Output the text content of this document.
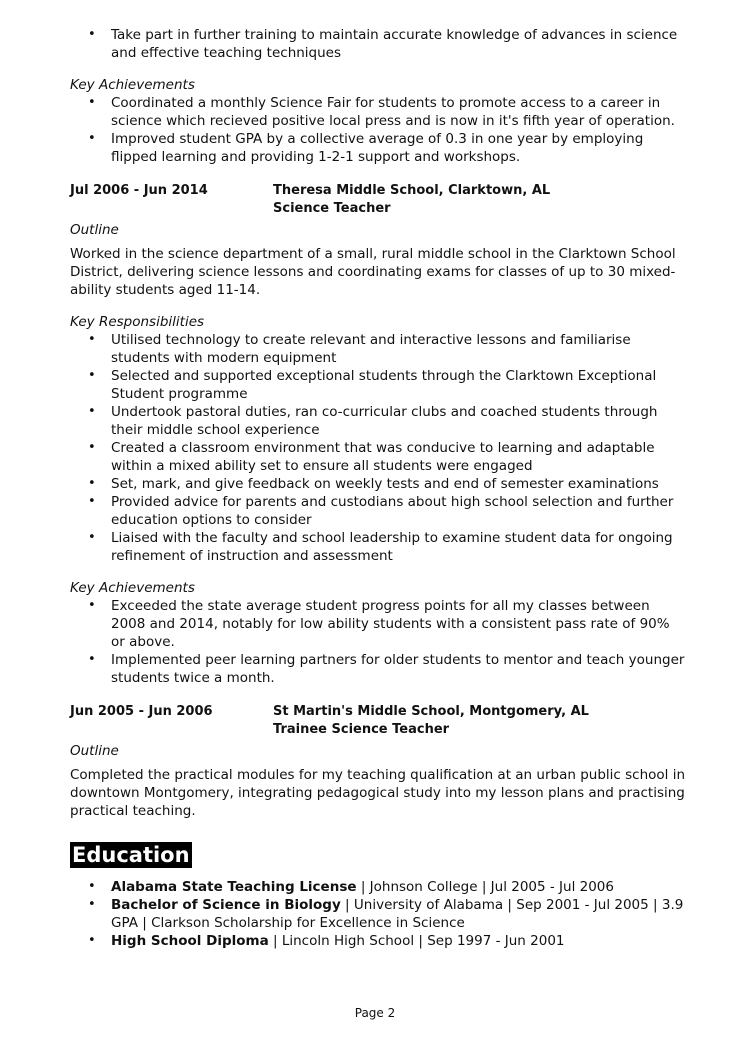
• Take part in further training to maintain accurate knowledge of advances in science and effective teaching techniques
Key Achievements
• Coordinated a monthly Science Fair for students to promote access to a career in science which recieved positive local press and is now in it's fifth year of operation.
• Improved student GPA by a collective average of 0.3 in one year by employing flipped learning and providing 1-2-1 support and workshops.
Jul 2006 - Jun 2014	Theresa Middle School, Clarktown, AL
Science Teacher
Outline
Worked in the science department of a small, rural middle school in the Clarktown School District, delivering science lessons and coordinating exams for classes of up to 30 mixed-ability students aged 11-14.
Key Responsibilities
• Utilised technology to create relevant and interactive lessons and familiarise students with modern equipment
• Selected and supported exceptional students through the Clarktown Exceptional Student programme
• Undertook pastoral duties, ran co-curricular clubs and coached students through their middle school experience
• Created a classroom environment that was conducive to learning and adaptable within a mixed ability set to ensure all students were engaged
• Set, mark, and give feedback on weekly tests and end of semester examinations
• Provided advice for parents and custodians about high school selection and further education options to consider
• Liaised with the faculty and school leadership to examine student data for ongoing refinement of instruction and assessment
Key Achievements
• Exceeded the state average student progress points for all my classes between 2008 and 2014, notably for low ability students with a consistent pass rate of 90% or above.
• Implemented peer learning partners for older students to mentor and teach younger students twice a month.
Jun 2005 - Jun 2006	St Martin's Middle School, Montgomery, AL
Trainee Science Teacher
Outline
Completed the practical modules for my teaching qualification at an urban public school in downtown Montgomery, integrating pedagogical study into my lesson plans and practising practical teaching.
Education
• Alabama State Teaching License | Johnson College | Jul 2005 - Jul 2006
• Bachelor of Science in Biology | University of Alabama | Sep 2001 - Jul 2005 | 3.9 GPA | Clarkson Scholarship for Excellence in Science
• High School Diploma | Lincoln High School | Sep 1997 - Jun 2001
Page 2
